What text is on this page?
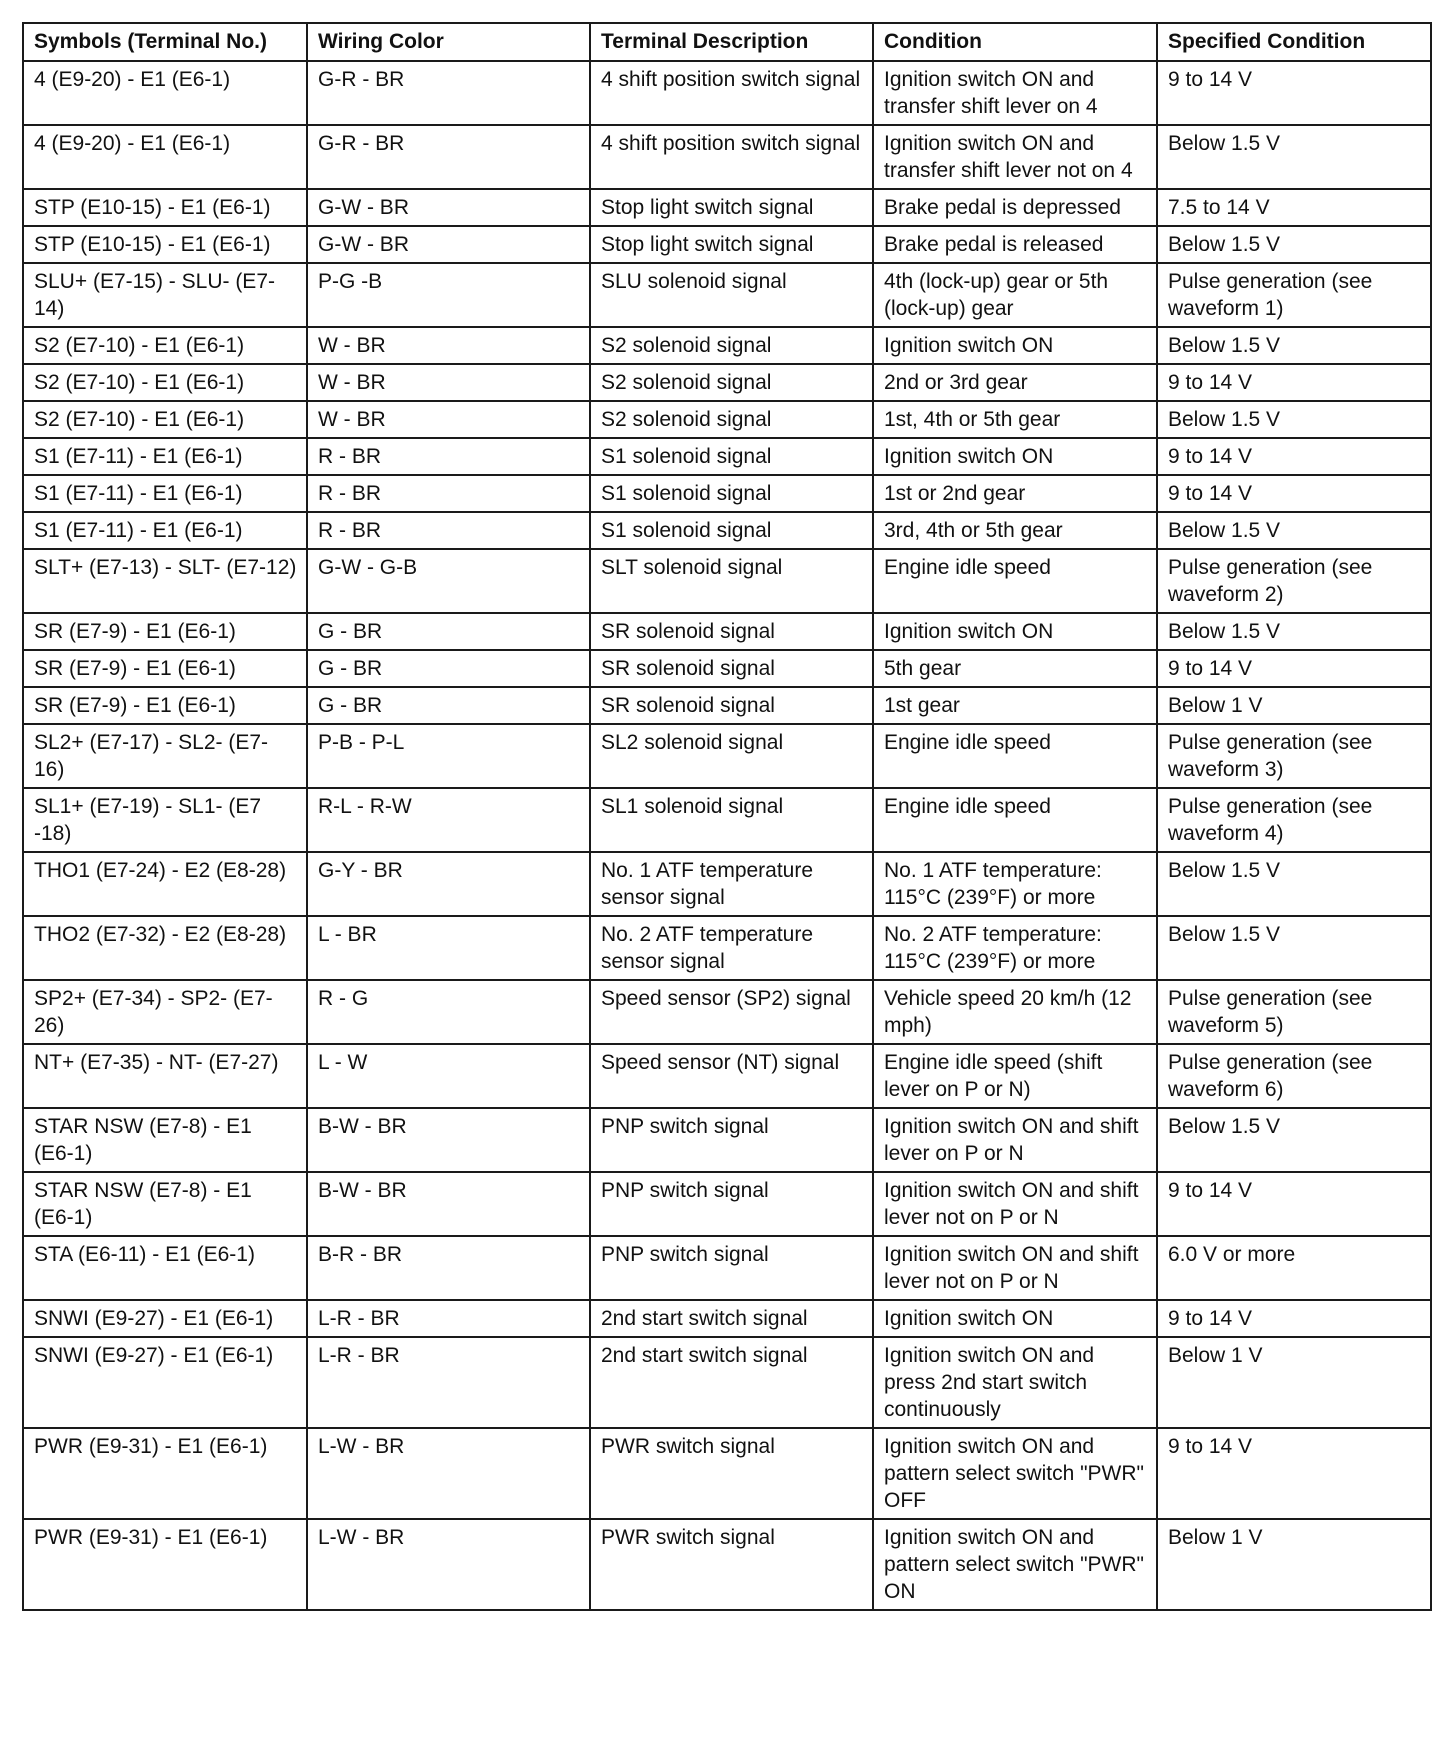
Symbols (Terminal No.)	Wiring Color	Terminal Description	Condition	Specified Condition
4 (E9-20) - E1 (E6-1)	G-R - BR	4 shift position switch signal	Ignition switch ON and transfer shift lever on 4	9 to 14 V
4 (E9-20) - E1 (E6-1)	G-R - BR	4 shift position switch signal	Ignition switch ON and transfer shift lever not on 4	Below 1.5 V
STP (E10-15) - E1 (E6-1)	G-W - BR	Stop light switch signal	Brake pedal is depressed	7.5 to 14 V
STP (E10-15) - E1 (E6-1)	G-W - BR	Stop light switch signal	Brake pedal is released	Below 1.5 V
SLU+ (E7-15) - SLU- (E7-14)	P-G -B	SLU solenoid signal	4th (lock-up) gear or 5th (lock-up) gear	Pulse generation (see waveform 1)
S2 (E7-10) - E1 (E6-1)	W - BR	S2 solenoid signal	Ignition switch ON	Below 1.5 V
S2 (E7-10) - E1 (E6-1)	W - BR	S2 solenoid signal	2nd or 3rd gear	9 to 14 V
S2 (E7-10) - E1 (E6-1)	W - BR	S2 solenoid signal	1st, 4th or 5th gear	Below 1.5 V
S1 (E7-11) - E1 (E6-1)	R - BR	S1 solenoid signal	Ignition switch ON	9 to 14 V
S1 (E7-11) - E1 (E6-1)	R - BR	S1 solenoid signal	1st or 2nd gear	9 to 14 V
S1 (E7-11) - E1 (E6-1)	R - BR	S1 solenoid signal	3rd, 4th or 5th gear	Below 1.5 V
SLT+ (E7-13) - SLT- (E7-12)	G-W - G-B	SLT solenoid signal	Engine idle speed	Pulse generation (see waveform 2)
SR (E7-9) - E1 (E6-1)	G - BR	SR solenoid signal	Ignition switch ON	Below 1.5 V
SR (E7-9) - E1 (E6-1)	G - BR	SR solenoid signal	5th gear	9 to 14 V
SR (E7-9) - E1 (E6-1)	G - BR	SR solenoid signal	1st gear	Below 1 V
SL2+ (E7-17) - SL2- (E7-16)	P-B - P-L	SL2 solenoid signal	Engine idle speed	Pulse generation (see waveform 3)
SL1+ (E7-19) - SL1- (E7 -18)	R-L - R-W	SL1 solenoid signal	Engine idle speed	Pulse generation (see waveform 4)
THO1 (E7-24) - E2 (E8-28)	G-Y - BR	No. 1 ATF temperature sensor signal	No. 1 ATF temperature: 115°C (239°F) or more	Below 1.5 V
THO2 (E7-32) - E2 (E8-28)	L - BR	No. 2 ATF temperature sensor signal	No. 2 ATF temperature: 115°C (239°F) or more	Below 1.5 V
SP2+ (E7-34) - SP2- (E7-26)	R - G	Speed sensor (SP2) signal	Vehicle speed 20 km/h (12 mph)	Pulse generation (see waveform 5)
NT+ (E7-35) - NT- (E7-27)	L - W	Speed sensor (NT) signal	Engine idle speed (shift lever on P or N)	Pulse generation (see waveform 6)
STAR NSW (E7-8) - E1 (E6-1)	B-W - BR	PNP switch signal	Ignition switch ON and shift lever on P or N	Below 1.5 V
STAR NSW (E7-8) - E1 (E6-1)	B-W - BR	PNP switch signal	Ignition switch ON and shift lever not on P or N	9 to 14 V
STA (E6-11) - E1 (E6-1)	B-R - BR	PNP switch signal	Ignition switch ON and shift lever not on P or N	6.0 V or more
SNWI (E9-27) - E1 (E6-1)	L-R - BR	2nd start switch signal	Ignition switch ON	9 to 14 V
SNWI (E9-27) - E1 (E6-1)	L-R - BR	2nd start switch signal	Ignition switch ON and press 2nd start switch continuously	Below 1 V
PWR (E9-31) - E1 (E6-1)	L-W - BR	PWR switch signal	Ignition switch ON and pattern select switch "PWR" OFF	9 to 14 V
PWR (E9-31) - E1 (E6-1)	L-W - BR	PWR switch signal	Ignition switch ON and pattern select switch "PWR" ON	Below 1 V
